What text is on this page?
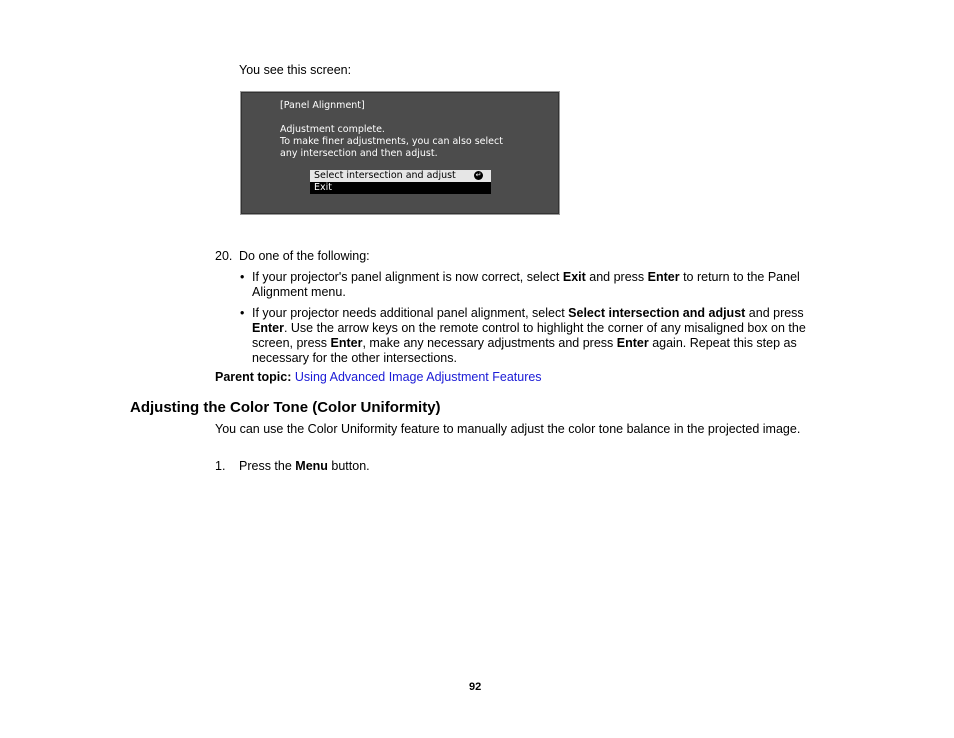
You see this screen:
[Panel Alignment]
Adjustment complete.
To make finer adjustments, you can also select
any intersection and then adjust.
Select intersection and adjust	↵
Exit
20. Do one of the following:
• If your projector's panel alignment is now correct, select Exit and press Enter to return to the Panel Alignment menu.
• If your projector needs additional panel alignment, select Select intersection and adjust and press Enter. Use the arrow keys on the remote control to highlight the corner of any misaligned box on the screen, press Enter, make any necessary adjustments and press Enter again. Repeat this step as necessary for the other intersections.
Parent topic: Using Advanced Image Adjustment Features
Adjusting the Color Tone (Color Uniformity)
You can use the Color Uniformity feature to manually adjust the color tone balance in the projected image.
1. Press the Menu button.
92
